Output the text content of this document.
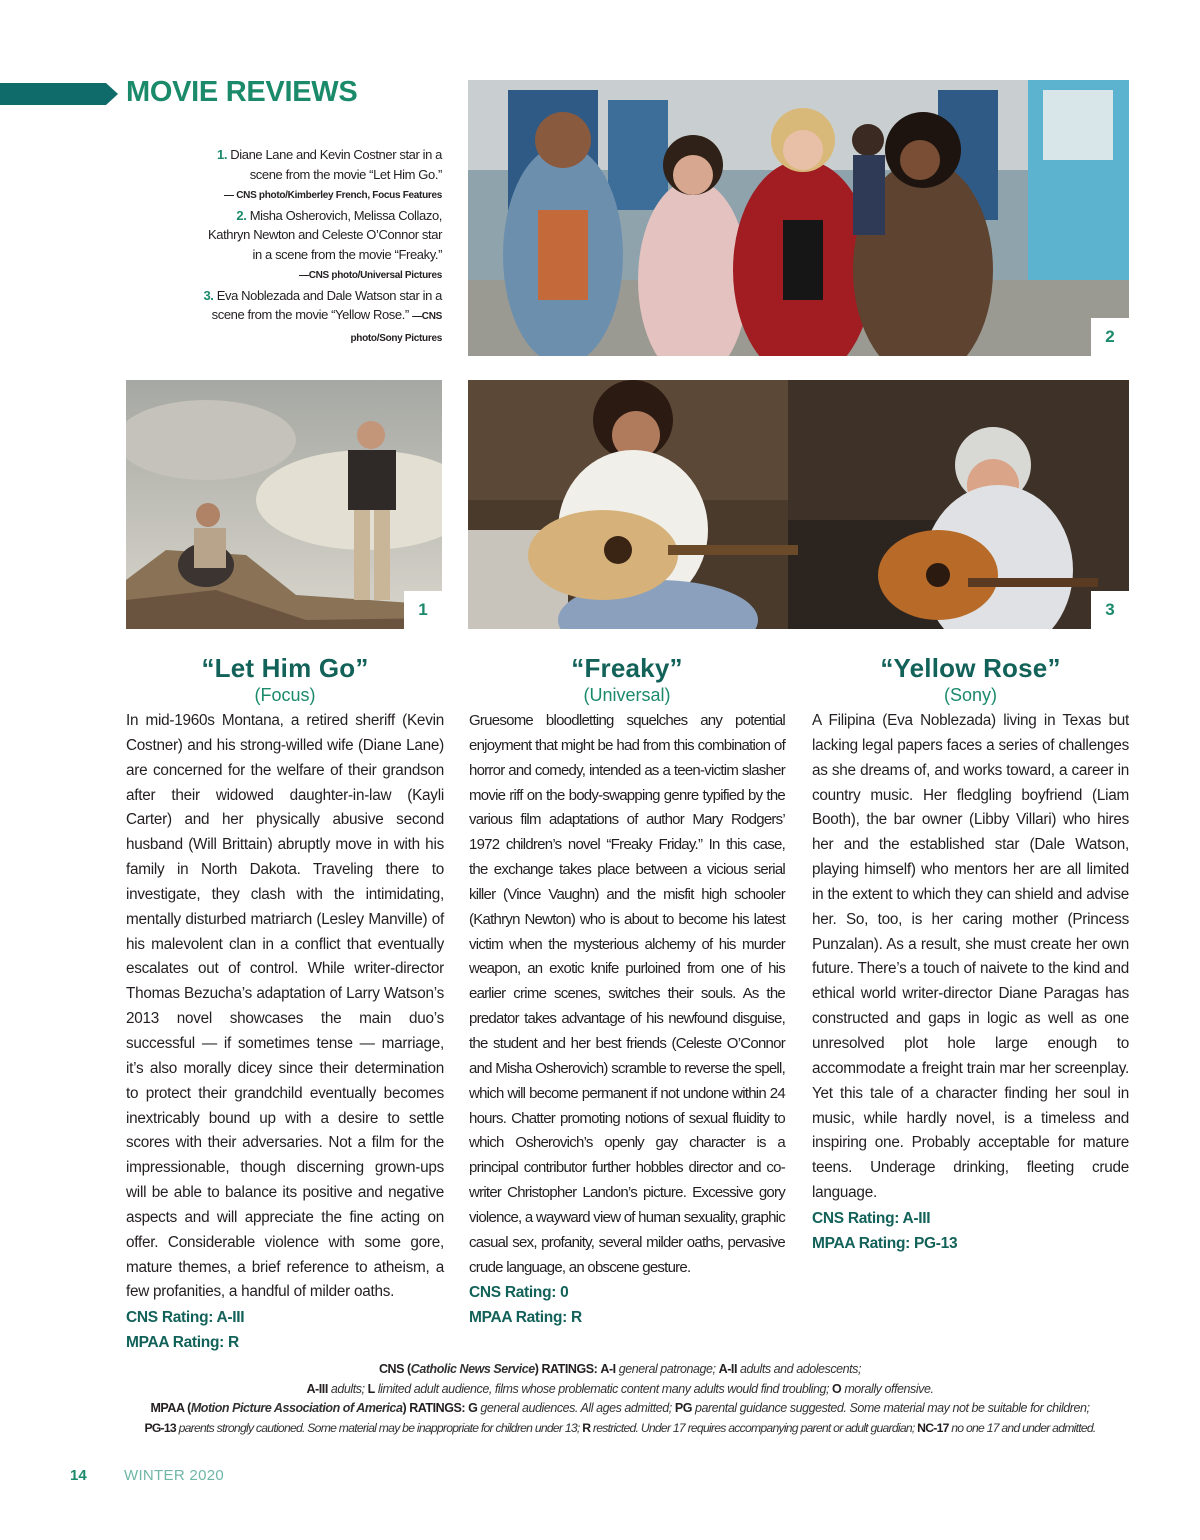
MOVIE REVIEWS
1. Diane Lane and Kevin Costner star in a scene from the movie “Let Him Go.”
— CNS photo/Kimberley French, Focus Features
2. Misha Osherovich, Melissa Collazo, Kathryn Newton and Celeste O’Connor star in a scene from the movie “Freaky.”
—CNS photo/Universal Pictures
3. Eva Noblezada and Dale Watson star in a scene from the movie “Yellow Rose.” —CNS photo/Sony Pictures	2
1	3
“Let Him Go”
(Focus)
In mid-1960s Montana, a retired sheriff (Kevin Costner) and his strong-willed wife (Diane Lane) are concerned for the welfare of their grandson after their widowed daughter-in-law (Kayli Carter) and her physically abusive second husband (Will Brittain) abruptly move in with his family in North Dakota. Traveling there to investigate, they clash with the intimidating, mentally disturbed matriarch (Lesley Manville) of his malevolent clan in a conflict that eventually escalates out of control. While writer-director Thomas Bezucha’s adaptation of Larry Watson’s 2013 novel showcases the main duo’s successful — if sometimes tense — marriage, it’s also morally dicey since their determination to protect their grandchild eventually becomes inextricably bound up with a desire to settle scores with their adversaries. Not a film for the impressionable, though discerning grown-ups will be able to balance its positive and negative aspects and will appreciate the fine acting on offer. Considerable violence with some gore, mature themes, a brief reference to atheism, a few profanities, a handful of milder oaths.
CNS Rating: A-III
MPAA Rating: R
“Freaky”
(Universal)
Gruesome bloodletting squelches any potential enjoyment that might be had from this combination of horror and comedy, intended as a teen-victim slasher movie riff on the body-swapping genre typified by the various film adaptations of author Mary Rodgers’ 1972 children’s novel “Freaky Friday.” In this case, the exchange takes place between a vicious serial killer (Vince Vaughn) and the misfit high schooler (Kathryn Newton) who is about to become his latest victim when the mysterious alchemy of his murder weapon, an exotic knife purloined from one of his earlier crime scenes, switches their souls. As the predator takes advantage of his newfound disguise, the student and her best friends (Celeste O’Connor and Misha Osherovich) scramble to reverse the spell, which will become permanent if not undone within 24 hours. Chatter promoting notions of sexual fluidity to which Osherovich’s openly gay character is a principal contributor further hobbles director and co-writer Christopher Landon’s picture. Excessive gory violence, a wayward view of human sexuality, graphic casual sex, profanity, several milder oaths, pervasive crude language, an obscene gesture.
CNS Rating: 0
MPAA Rating: R
“Yellow Rose”
(Sony)
A Filipina (Eva Noblezada) living in Texas but lacking legal papers faces a series of challenges as she dreams of, and works toward, a career in country music. Her fledgling boyfriend (Liam Booth), the bar owner (Libby Villari) who hires her and the established star (Dale Watson, playing himself) who mentors her are all limited in the extent to which they can shield and advise her. So, too, is her caring mother (Princess Punzalan). As a result, she must create her own future. There’s a touch of naivete to the kind and ethical world writer-director Diane Paragas has constructed and gaps in logic as well as one unresolved plot hole large enough to accommodate a freight train mar her screenplay. Yet this tale of a character finding her soul in music, while hardly novel, is a timeless and inspiring one. Probably acceptable for mature teens. Underage drinking, fleeting crude language.
CNS Rating: A-III
MPAA Rating: PG-13
CNS (Catholic News Service) RATINGS: A-I general patronage; A-II adults and adolescents;
A-III adults; L limited adult audience, films whose problematic content many adults would find troubling; O morally offensive.
MPAA (Motion Picture Association of America) RATINGS: G general audiences. All ages admitted; PG parental guidance suggested. Some material may not be suitable for children;
PG-13 parents strongly cautioned. Some material may be inappropriate for children under 13; R restricted. Under 17 requires accompanying parent or adult guardian; NC-17 no one 17 and under admitted.
14 WINTER 2020
